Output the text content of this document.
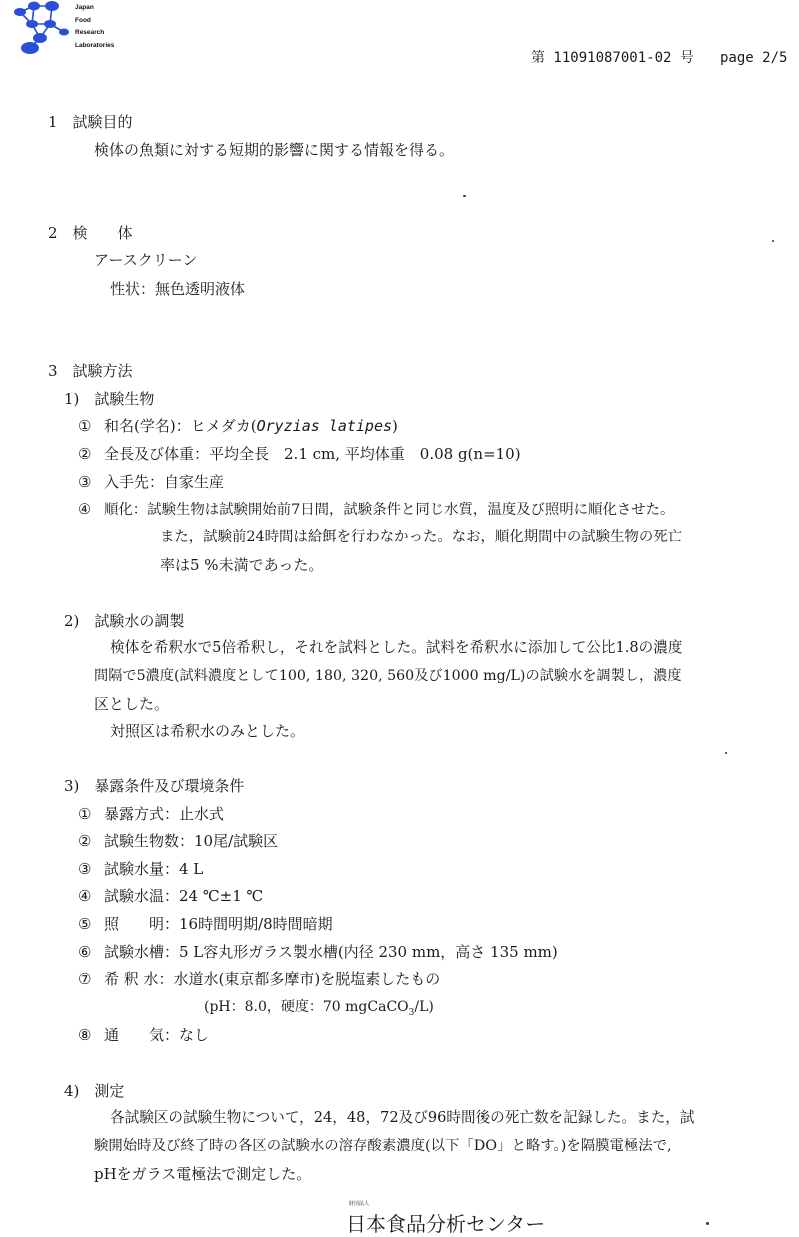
Japan
Food
Research
Laboratories
第 11091087001-02 号 page 2/5
1　試験目的
検体の魚類に対する短期的影響に関する情報を得る。
2　検　　体
アースクリーン
性状：無色透明液体
3　試験方法
1)　試験生物
① 和名(学名)：ヒメダカ(Oryzias latipes)
② 全長及び体重：平均全長　2.1 cm, 平均体重　0.08 g(n=10)
③ 入手先：自家生産
④ 順化：試験生物は試験開始前7日間，試験条件と同じ水質，温度及び照明に順化させた。
また，試験前24時間は給餌を行わなかった。なお，順化期間中の試験生物の死亡
率は5 %未満であった。
2)　試験水の調製
検体を希釈水で5倍希釈し，それを試料とした。試料を希釈水に添加して公比1.8の濃度
間隔で5濃度(試料濃度として100, 180, 320, 560及び1000 mg/L)の試験水を調製し，濃度
区とした。
対照区は希釈水のみとした。
3)　暴露条件及び環境条件
① 暴露方式：止水式
② 試験生物数：10尾/試験区
③ 試験水量：4 L
④ 試験水温：24 ℃±1 ℃
⑤ 照　　明：16時間明期/8時間暗期
⑥ 試験水槽：5 L容丸形ガラス製水槽(内径 230 mm，高さ 135 mm)
⑦ 希 釈 水：水道水(東京都多摩市)を脱塩素したもの
(pH：8.0，硬度：70 mgCaCO$_3$/L)
⑧ 通　　気：なし
4)　測定
各試験区の試験生物について，24，48，72及び96時間後の死亡数を記録した。また，試
験開始時及び終了時の各区の試験水の溶存酸素濃度(以下「DO」と略す。)を隔膜電極法で,
pHをガラス電極法で測定した。
財団法人
日本食品分析センター
